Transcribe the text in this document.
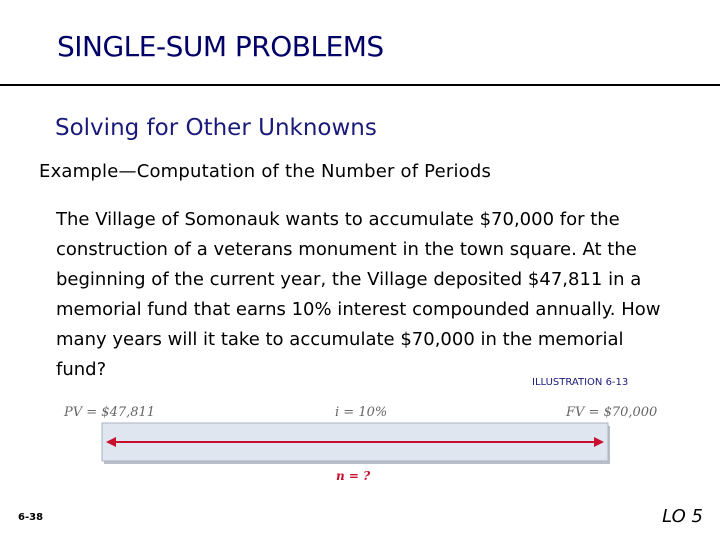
SINGLE-SUM PROBLEMS
Solving for Other Unknowns
Example—Computation of the Number of Periods
The Village of Somonauk wants to accumulate $70,000 for the construction of a veterans monument in the town square. At the beginning of the current year, the Village deposited $47,811 in a memorial fund that earns 10% interest compounded annually. How many years will it take to accumulate $70,000 in the memorial fund?
ILLUSTRATION 6-13
PV = $47,811	i = 10%	FV = $70,000
n = ?
6-38	LO 5
